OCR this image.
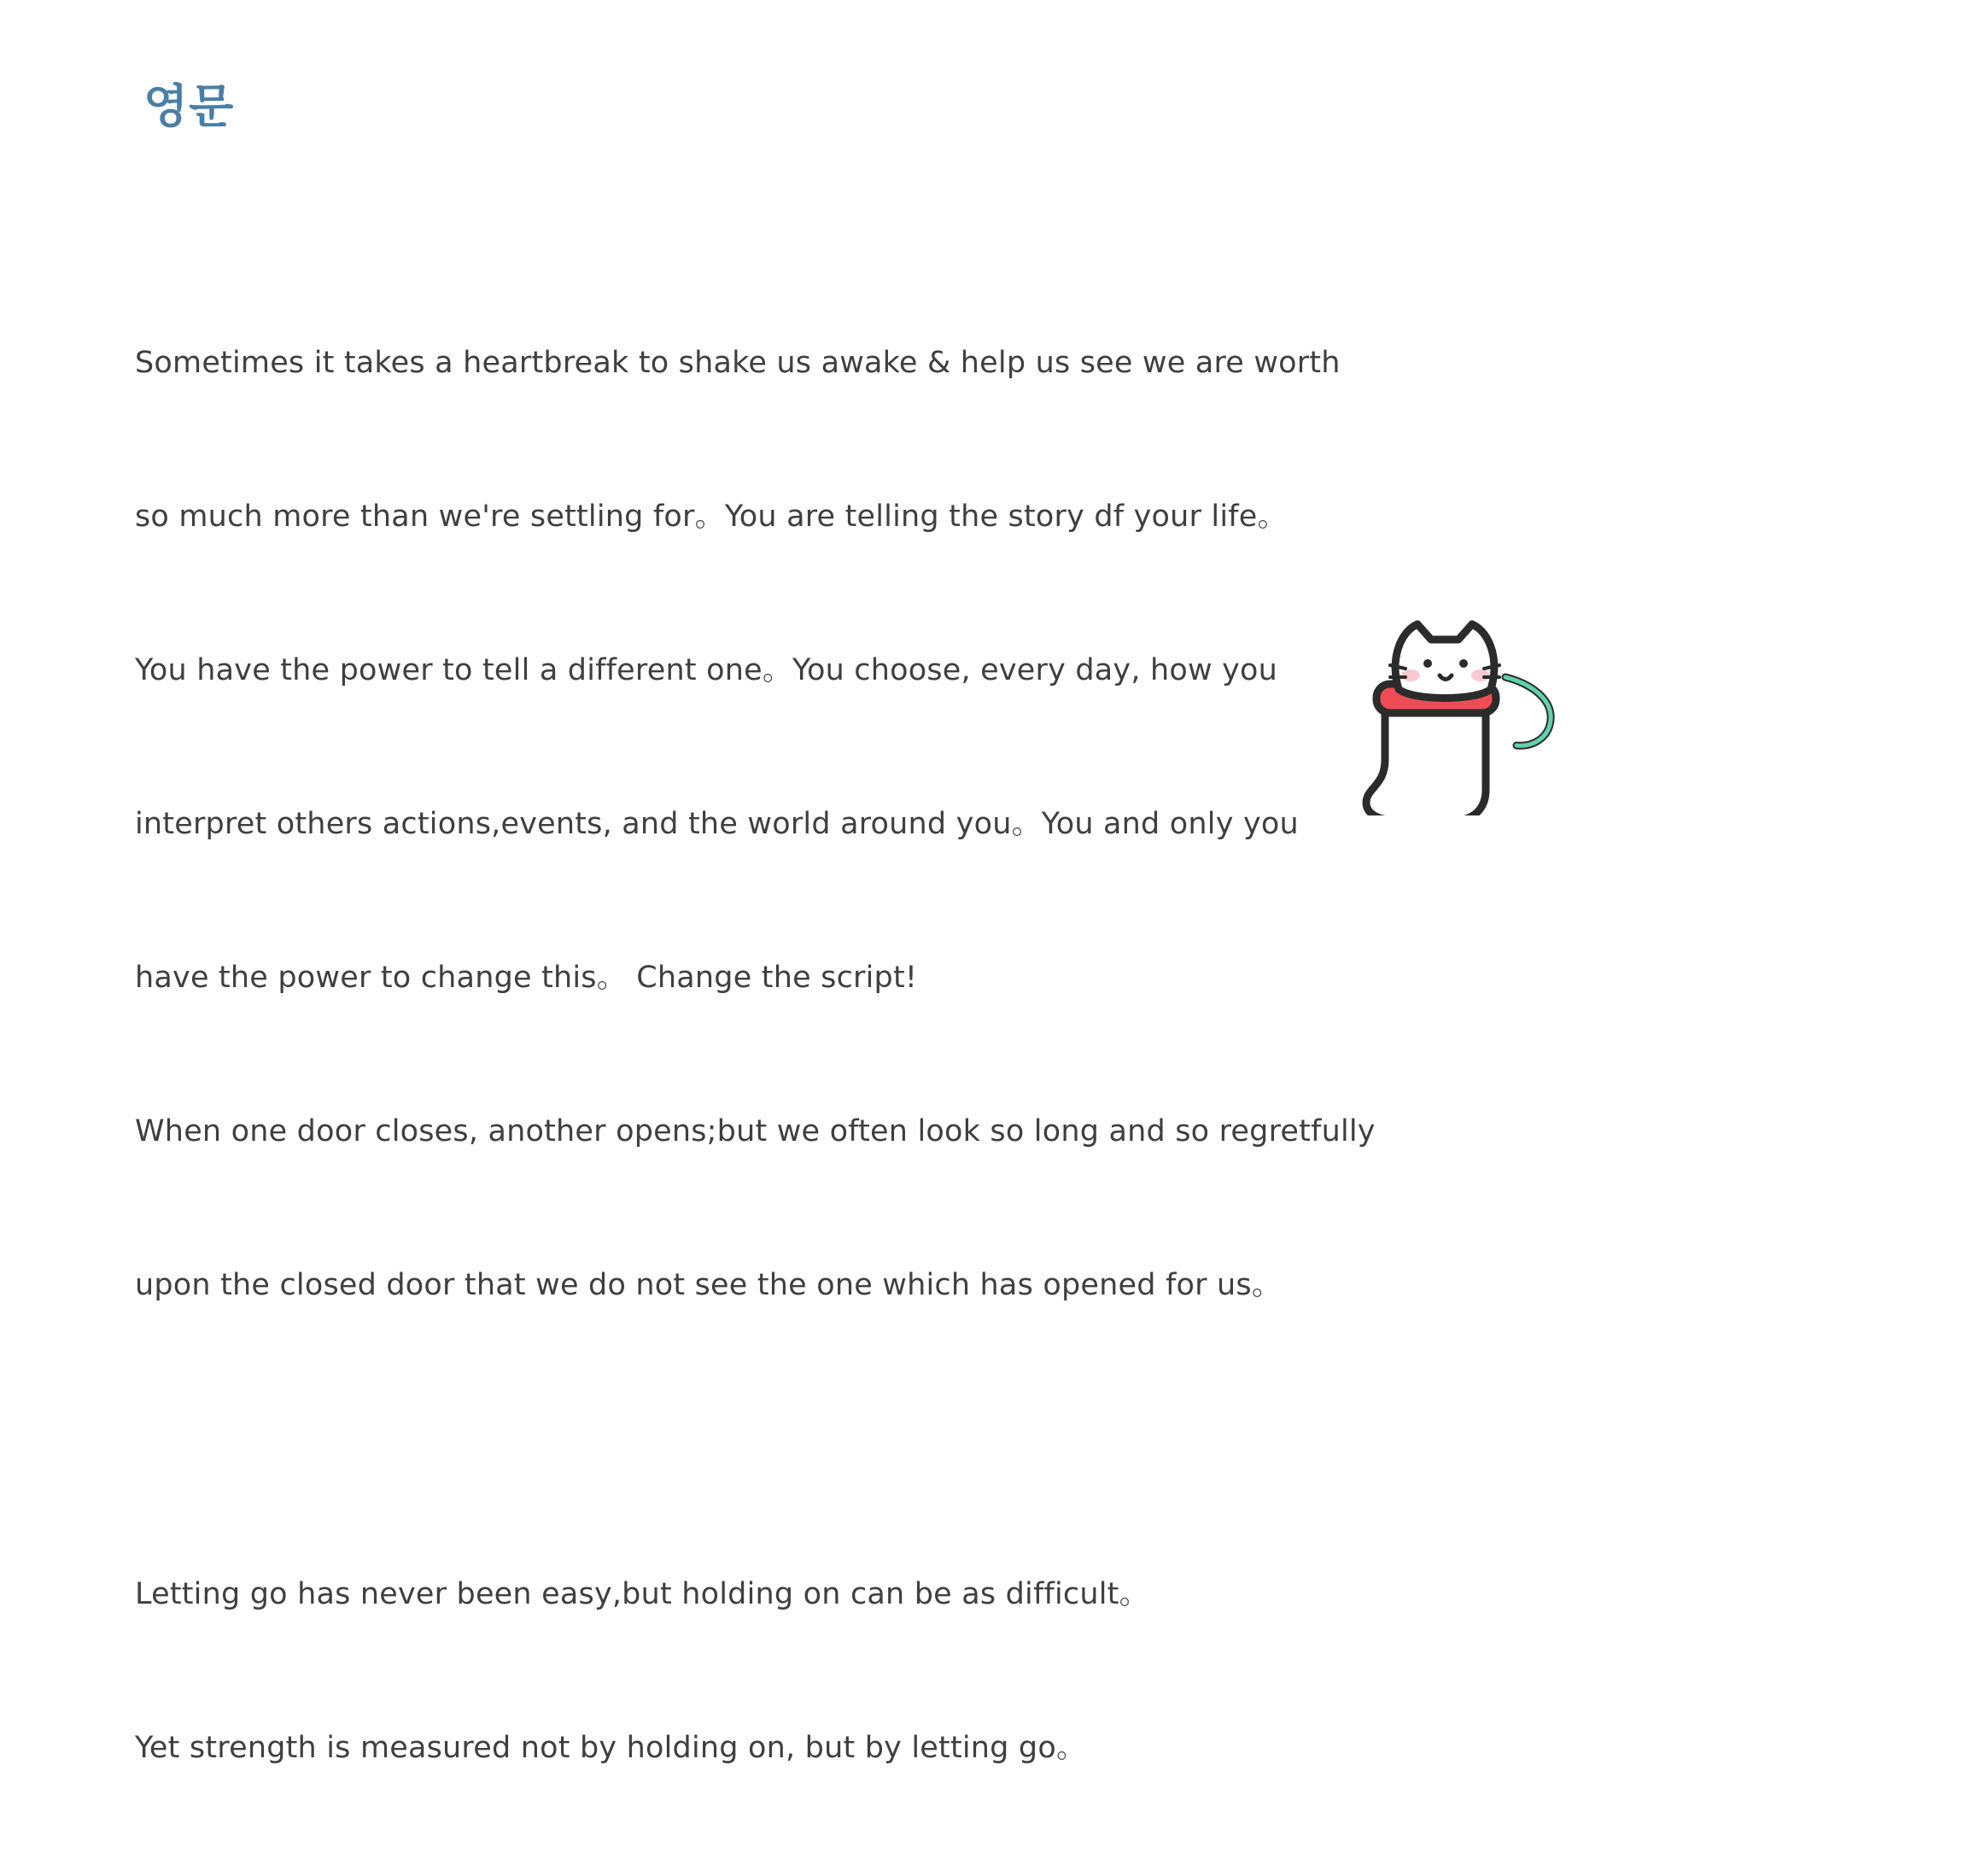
영문

Sometimes it takes a heartbreak to shake us awake & help us see we are worth

so much more than we're settling for。You are telling the story df your life。

You have the power to tell a different one。You choose, every day, how you

interpret others actions,events, and the world around you。You and only you

have the power to change this。 Change the script!

When one door closes, another opens;but we often look so long and so regretfully

upon the closed door that we do not see the one which has opened for us。

Letting go has never been easy,but holding on can be as difficult。

Yet strength is measured not by holding on, but by letting go。
